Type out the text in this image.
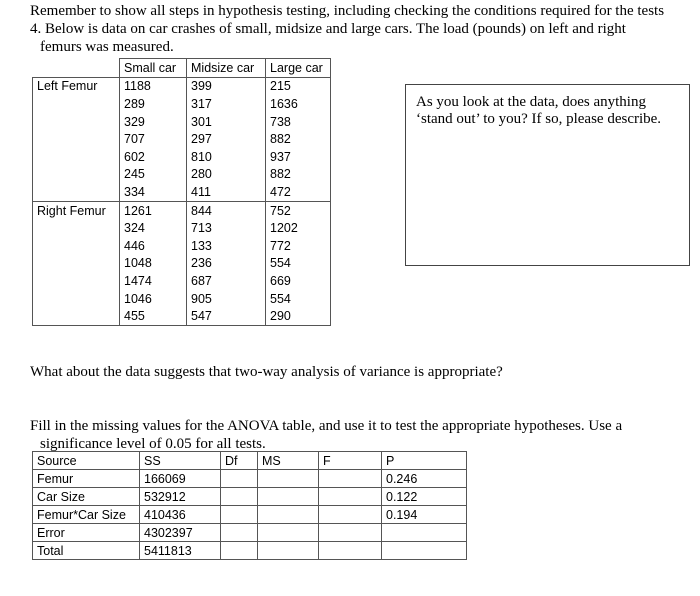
Remember to show all steps in hypothesis testing, including checking the conditions required for the tests
4. Below is data on car crashes of small, midsize and large cars. The load (pounds) on left and right
femurs was measured.
	Small car	Midsize car	Large car
Left Femur	1188	399	215
	289	317	1636
	329	301	738
	707	297	882
	602	810	937
	245	280	882
	334	411	472
Right Femur	1261	844	752
	324	713	1202
	446	133	772
	1048	236	554
	1474	687	669
	1046	905	554
	455	547	290
As you look at the data, does anything ‘stand out’ to you? If so, please describe.
What about the data suggests that two-way analysis of variance is appropriate?
Fill in the missing values for the ANOVA table, and use it to test the appropriate hypotheses. Use a
significance level of 0.05 for all tests.
Source	SS	Df	MS	F	P
Femur	166069				0.246
Car Size	532912				0.122
Femur*Car Size	410436				0.194
Error	4302397				
Total	5411813				
